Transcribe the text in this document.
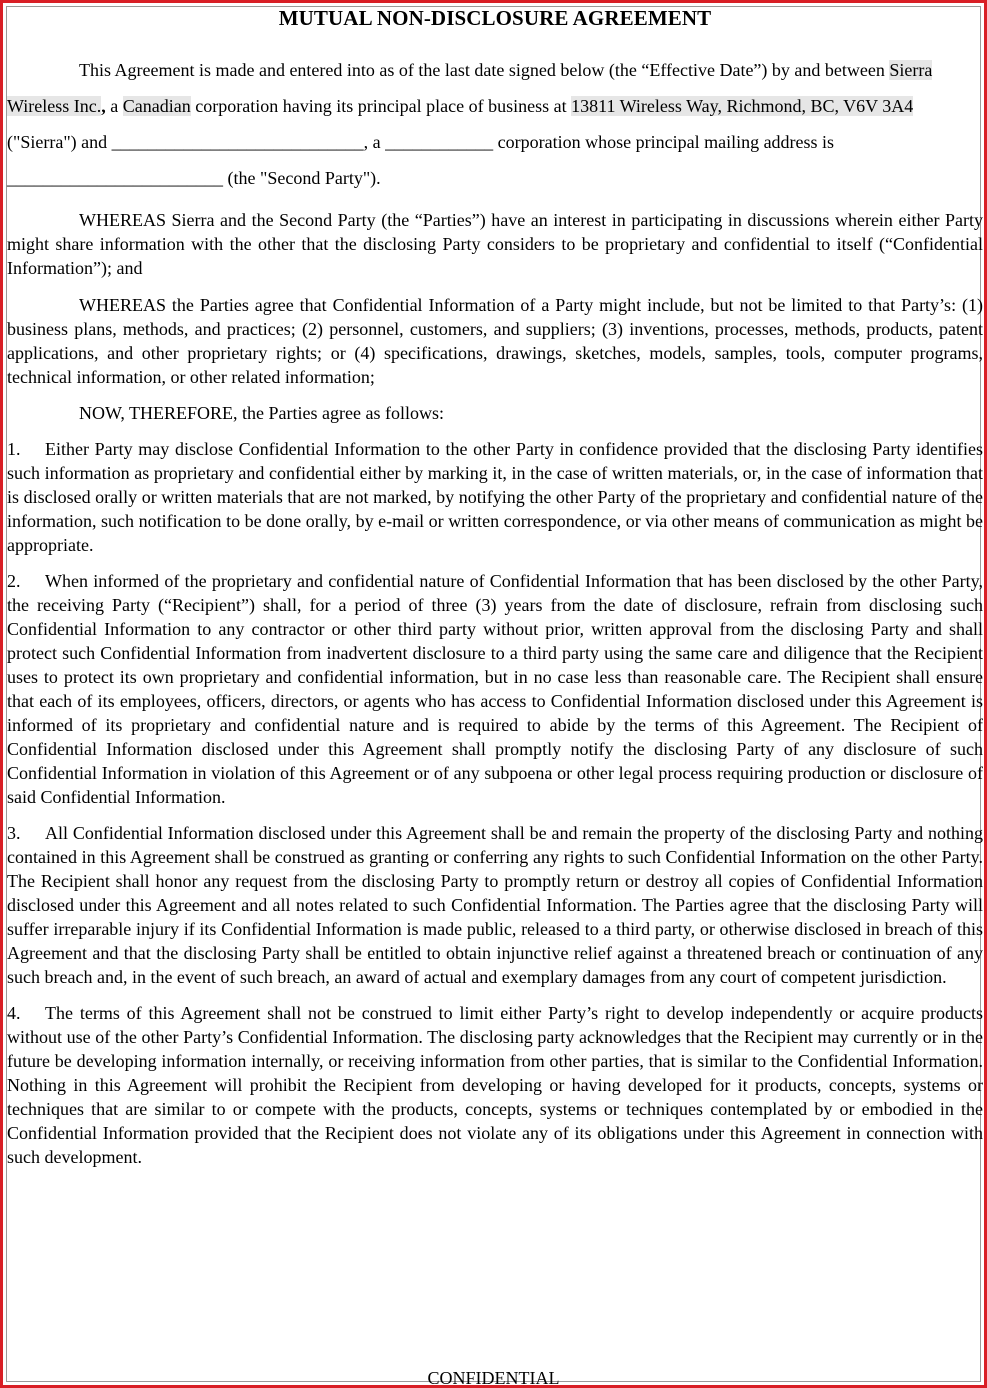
MUTUAL NON-DISCLOSURE AGREEMENT

This Agreement is made and entered into as of the last date signed below (the “Effective Date”) by and between Sierra Wireless Inc., a Canadian corporation having its principal place of business at 13811 Wireless Way, Richmond, BC, V6V 3A4 ("Sierra") and ____________________________, a ____________ corporation whose principal mailing address is ________________________ (the "Second Party").

WHEREAS Sierra and the Second Party (the “Parties”) have an interest in participating in discussions wherein either Party might share information with the other that the disclosing Party considers to be proprietary and confidential to itself (“Confidential Information”); and

WHEREAS the Parties agree that Confidential Information of a Party might include, but not be limited to that Party’s: (1) business plans, methods, and practices; (2) personnel, customers, and suppliers; (3) inventions, processes, methods, products, patent applications, and other proprietary rights; or (4) specifications, drawings, sketches, models, samples, tools, computer programs, technical information, or other related information;

NOW, THEREFORE, the Parties agree as follows:

1. Either Party may disclose Confidential Information to the other Party in confidence provided that the disclosing Party identifies such information as proprietary and confidential either by marking it, in the case of written materials, or, in the case of information that is disclosed orally or written materials that are not marked, by notifying the other Party of the proprietary and confidential nature of the information, such notification to be done orally, by e-mail or written correspondence, or via other means of communication as might be appropriate.

2. When informed of the proprietary and confidential nature of Confidential Information that has been disclosed by the other Party, the receiving Party (“Recipient”) shall, for a period of three (3) years from the date of disclosure, refrain from disclosing such Confidential Information to any contractor or other third party without prior, written approval from the disclosing Party and shall protect such Confidential Information from inadvertent disclosure to a third party using the same care and diligence that the Recipient uses to protect its own proprietary and confidential information, but in no case less than reasonable care. The Recipient shall ensure that each of its employees, officers, directors, or agents who has access to Confidential Information disclosed under this Agreement is informed of its proprietary and confidential nature and is required to abide by the terms of this Agreement. The Recipient of Confidential Information disclosed under this Agreement shall promptly notify the disclosing Party of any disclosure of such Confidential Information in violation of this Agreement or of any subpoena or other legal process requiring production or disclosure of said Confidential Information.

3. All Confidential Information disclosed under this Agreement shall be and remain the property of the disclosing Party and nothing contained in this Agreement shall be construed as granting or conferring any rights to such Confidential Information on the other Party. The Recipient shall honor any request from the disclosing Party to promptly return or destroy all copies of Confidential Information disclosed under this Agreement and all notes related to such Confidential Information. The Parties agree that the disclosing Party will suffer irreparable injury if its Confidential Information is made public, released to a third party, or otherwise disclosed in breach of this Agreement and that the disclosing Party shall be entitled to obtain injunctive relief against a threatened breach or continuation of any such breach and, in the event of such breach, an award of actual and exemplary damages from any court of competent jurisdiction.

4. The terms of this Agreement shall not be construed to limit either Party’s right to develop independently or acquire products without use of the other Party’s Confidential Information. The disclosing party acknowledges that the Recipient may currently or in the future be developing information internally, or receiving information from other parties, that is similar to the Confidential Information. Nothing in this Agreement will prohibit the Recipient from developing or having developed for it products, concepts, systems or techniques that are similar to or compete with the products, concepts, systems or techniques contemplated by or embodied in the Confidential Information provided that the Recipient does not violate any of its obligations under this Agreement in connection with such development.

CONFIDENTIAL
